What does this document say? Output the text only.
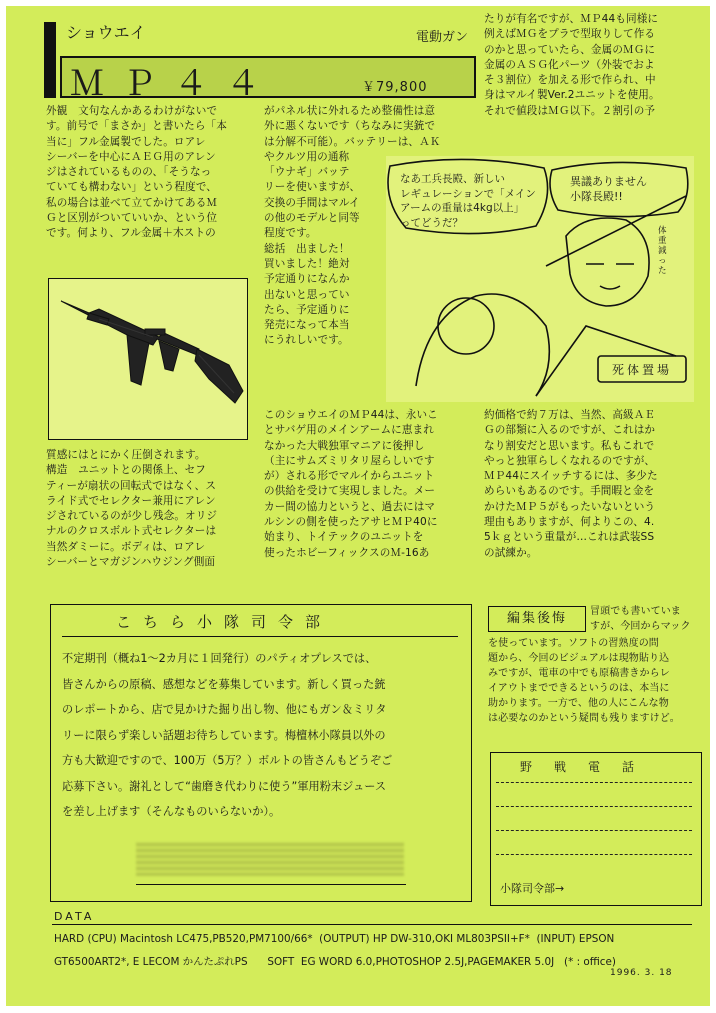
ショウエイ
ＭＰ４４
電動ガン
￥79,800
外観　文句なんかあるわけがないで
す。前号で「まさか」と書いたら「本
当に」フル金属製でした。ロアレ
シーバーを中心にＡＥＧ用のアレン
ジはされているものの、「そうなっ
ていても構わない」という程度で、
私の場合は並べて立てかけてあるＭ
Ｇと区別がついていいか、という位
です。何より、フル金属＋木ストの
質感にはとにかく圧倒されます。
構造　ユニットとの関係上、セフ
ティーが扇状の回転式ではなく、ス
ライド式でセレクター兼用にアレン
ジされているのが少し残念。オリジ
ナルのクロスボルト式セレクターは
当然ダミーに。ボディは、ロアレ
シーバーとマガジンハウジング側面
がパネル状に外れるため整備性は意
外に悪くないです（ちなみに実銃で
は分解不可能）。バッテリーは、ＡＫ
やクルツ用の通称
「ウナギ」バッテ
リーを使いますが、
交換の手間はマルイ
の他のモデルと同等
程度です。
総括　出ました！
買いました！絶対
予定通りになんか
出ないと思ってい
たら、予定通りに
発売になって本当
にうれしいです。
このショウエイのＭＰ44は、永いこ
とサバゲ用のメインアームに恵まれ
なかった大戦独軍マニアに後押し
（主にサムズミリタリ屋らしいです
が）される形でマルイからユニット
の供給を受けて実現しました。メー
カー間の協力というと、過去にはマ
ルシンの側を使ったアサヒＭＰ40に
始まり、トイテックのユニットを
使ったホビーフィックスのＭ-16あ
たりが有名ですが、ＭＰ44も同様に
例えばＭＧをプラで型取りして作る
のかと思っていたら、金属のＭＧに
金属のＡＳＧ化パーツ（外装でおよ
そ３割位）を加える形で作られ、中
身はマルイ製Ver.2ユニットを使用。
それで値段はＭＧ以下。２割引の予
約価格で約７万は、当然、高級ＡＥ
Ｇの部類に入るのですが、これはか
なり割安だと思います。私もこれで
やっと独軍らしくなれるのですが、
ＭＰ44にスイッチするには、多少た
めらいもあるのです。手間暇と金を
かけたＭＰ５がもったいないという
理由もありますが、何よりこの、4.
5ｋｇという重量が…これは武装SS
の試練か。
なあ工兵長殿、新しい
レギュレーションで「メイン
アームの重量は4kg以上」
ってどうだ？
異議ありません
小隊長殿!!
体
重
減
っ
た
死体置場
こちら小隊司令部
不定期刊（概ね1〜2カ月に１回発行）のパティオプレスでは、
皆さんからの原稿、感想などを募集しています。新しく買った銃
のレポートから、店で見かけた掘り出し物、他にもガン＆ミリタ
リーに限らず楽しい話題お待ちしています。梅檀林小隊員以外の
方も大歓迎ですので、100万（5万？）ボルトの皆さんもどうぞご
応募下さい。謝礼として“歯磨き代わりに使う”軍用粉末ジュース
を差し上げます（そんなものいらないか）。
編集後悔	冒頭でも書いていま
すが、今回からマック
を使っています。ソフトの習熟度の問
題から、今回のビジュアルは現物貼り込
みですが、電車の中でも原稿書きからレ
イアウトまでできるというのは、本当に
助かります。一方で、他の人にこんな物
は必要なのかという疑問も残りますけど。
野戦電話
小隊司令部→
DATA
HARD (CPU) Macintosh LC475,PB520,PM7100/66*  (OUTPUT) HP DW-310,OKI ML803PSII+F*  (INPUT) EPSON
GT6500ART2*, E LECOM かんたぷれPS      SOFT  EG WORD 6.0,PHOTOSHOP 2.5J,PAGEMAKER 5.0J   (* : office)
1996. 3. 18
